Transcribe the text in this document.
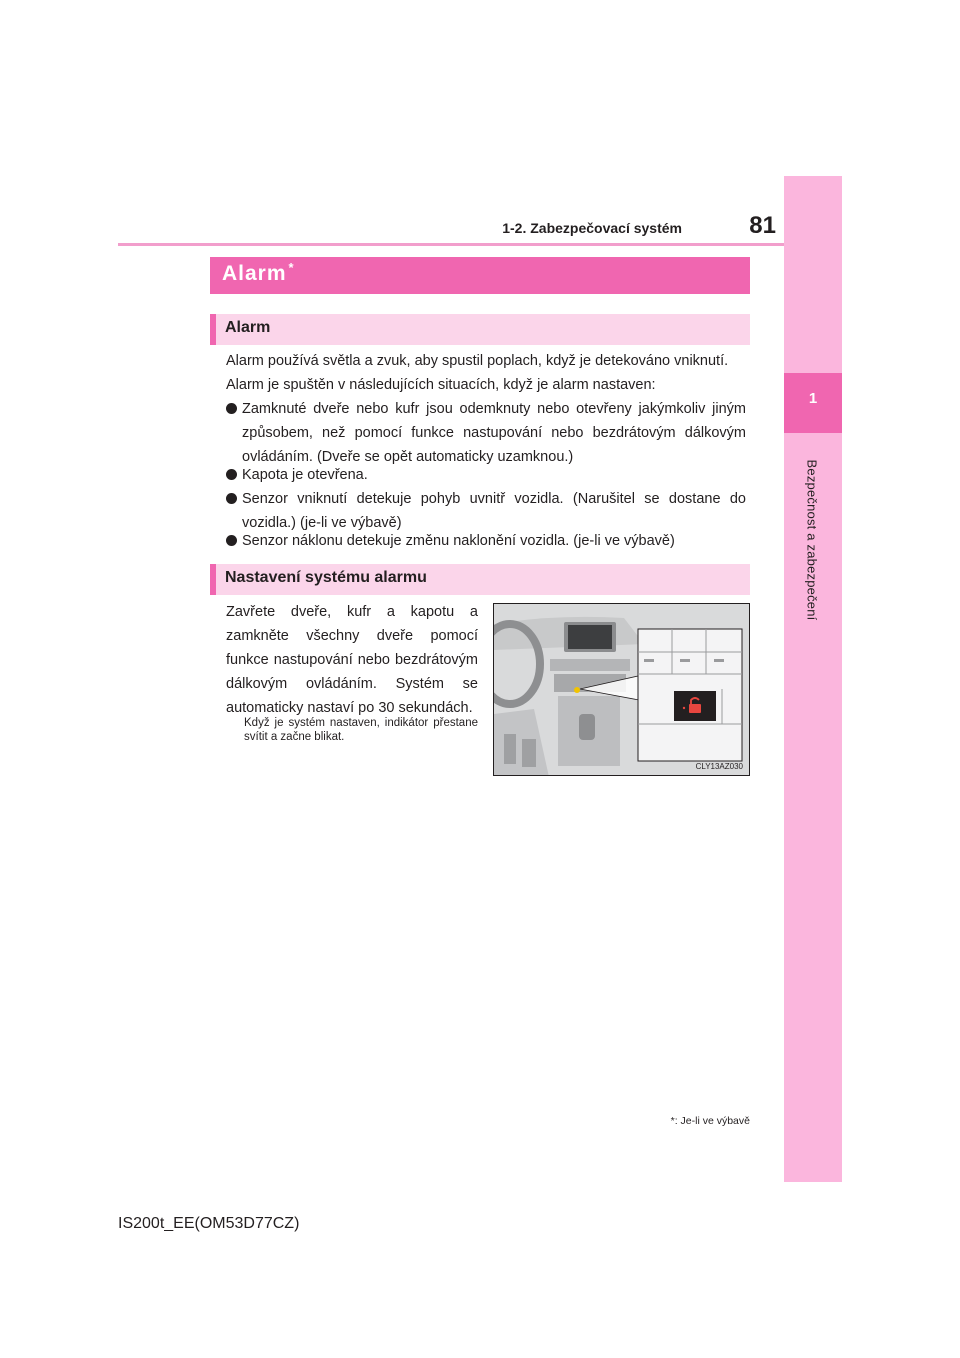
1
Bezpečnost a zabezpečení
1-2. Zabezpečovací systém	81
Alarm *
Alarm
Alarm používá světla a zvuk, aby spustil poplach, když je detekováno vniknutí.
Alarm je spuštěn v následujících situacích, když je alarm nastaven:
Zamknuté dveře nebo kufr jsou odemknuty nebo otevřeny jakýmkoliv jiným způsobem, než pomocí funkce nastupování nebo bezdrátovým dálkovým ovládáním. (Dveře se opět automaticky uzamknou.)
Kapota je otevřena.
Senzor vniknutí detekuje pohyb uvnitř vozidla. (Narušitel se dostane do vozidla.) (je-li ve výbavě)
Senzor náklonu detekuje změnu naklonění vozidla. (je-li ve výbavě)
Nastavení systému alarmu
Zavřete dveře, kufr a kapotu a zamkněte všechny dveře pomocí funkce nastupování nebo bezdrátovým dálkovým ovládáním. Systém se automaticky nastaví po 30 sekundách.
Když je systém nastaven, indikátor přestane svítit a začne blikat.
CLY13AZ030
*: Je-li ve výbavě
IS200t_EE(OM53D77CZ)
